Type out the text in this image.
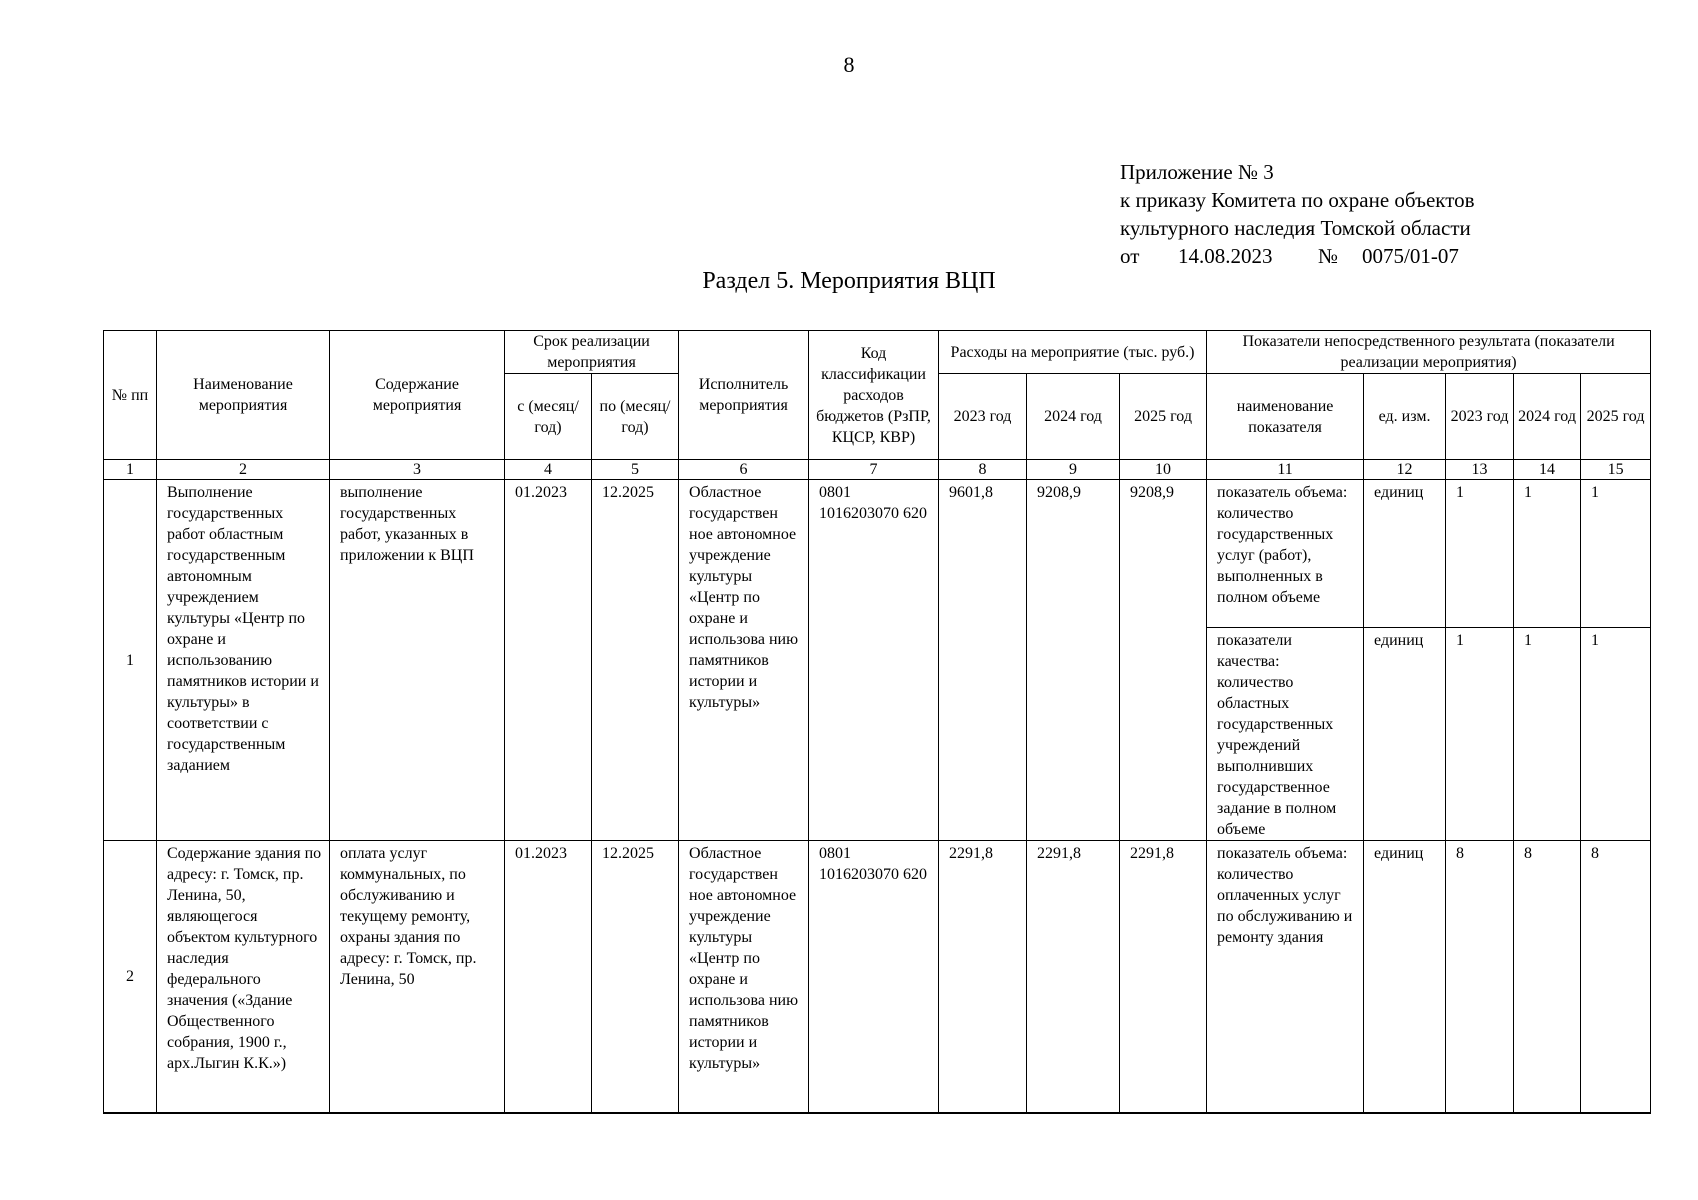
8
Приложение № 3
к приказу Комитета по охране объектов
культурного наследия Томской области
от 14.08.2023 № 0075/01-07
Раздел 5. Мероприятия ВЦП
№ пп	Наименование мероприятия	Содержание мероприятия	Срок реализации мероприятия		Исполнитель мероприятия	Код классификации расходов бюджетов (РзПР, КЦСР, КВР)	Расходы на мероприятие (тыс. руб.)			Показатели непосредственного результата (показатели реализации мероприятия)				
			с (месяц/ год)	по (месяц/ год)			2023 год	2024 год	2025 год	наименование показателя	ед. изм.	2023 год	2024 год	2025 год
1	2	3	4	5	6	7	8	9	10	11	12	13	14	15
1	Выполнение государственных работ областным государственным автономным учреждением культуры «Центр по охране и использованию памятников истории и культуры» в соответствии с государственным заданием	выполнение государственных работ, указанных в приложении к ВЦП	01.2023	12.2025	Областное государствен ное автономное учреждение культуры «Центр по охране и использова нию памятников истории и культуры»	0801 1016203070 620	9601,8	9208,9	9208,9	показатель объема: количество государственных услуг (работ), выполненных в полном объеме	единиц	1	1	1
										показатели качества: количество областных государственных учреждений выполнивших государственное задание в полном объеме	единиц	1	1	1
2	Содержание здания по адресу: г. Томск, пр. Ленина, 50, являющегося объектом культурного наследия федерального значения («Здание Общественного собрания, 1900 г., арх.Лыгин К.К.»)	оплата услуг коммунальных, по обслуживанию и текущему ремонту, охраны здания по адресу: г. Томск, пр. Ленина, 50	01.2023	12.2025	Областное государствен ное автономное учреждение культуры «Центр по охране и использова нию памятников истории и культуры»	0801 1016203070 620	2291,8	2291,8	2291,8	показатель объема: количество оплаченных услуг по обслуживанию и ремонту здания	единиц	8	8	8
